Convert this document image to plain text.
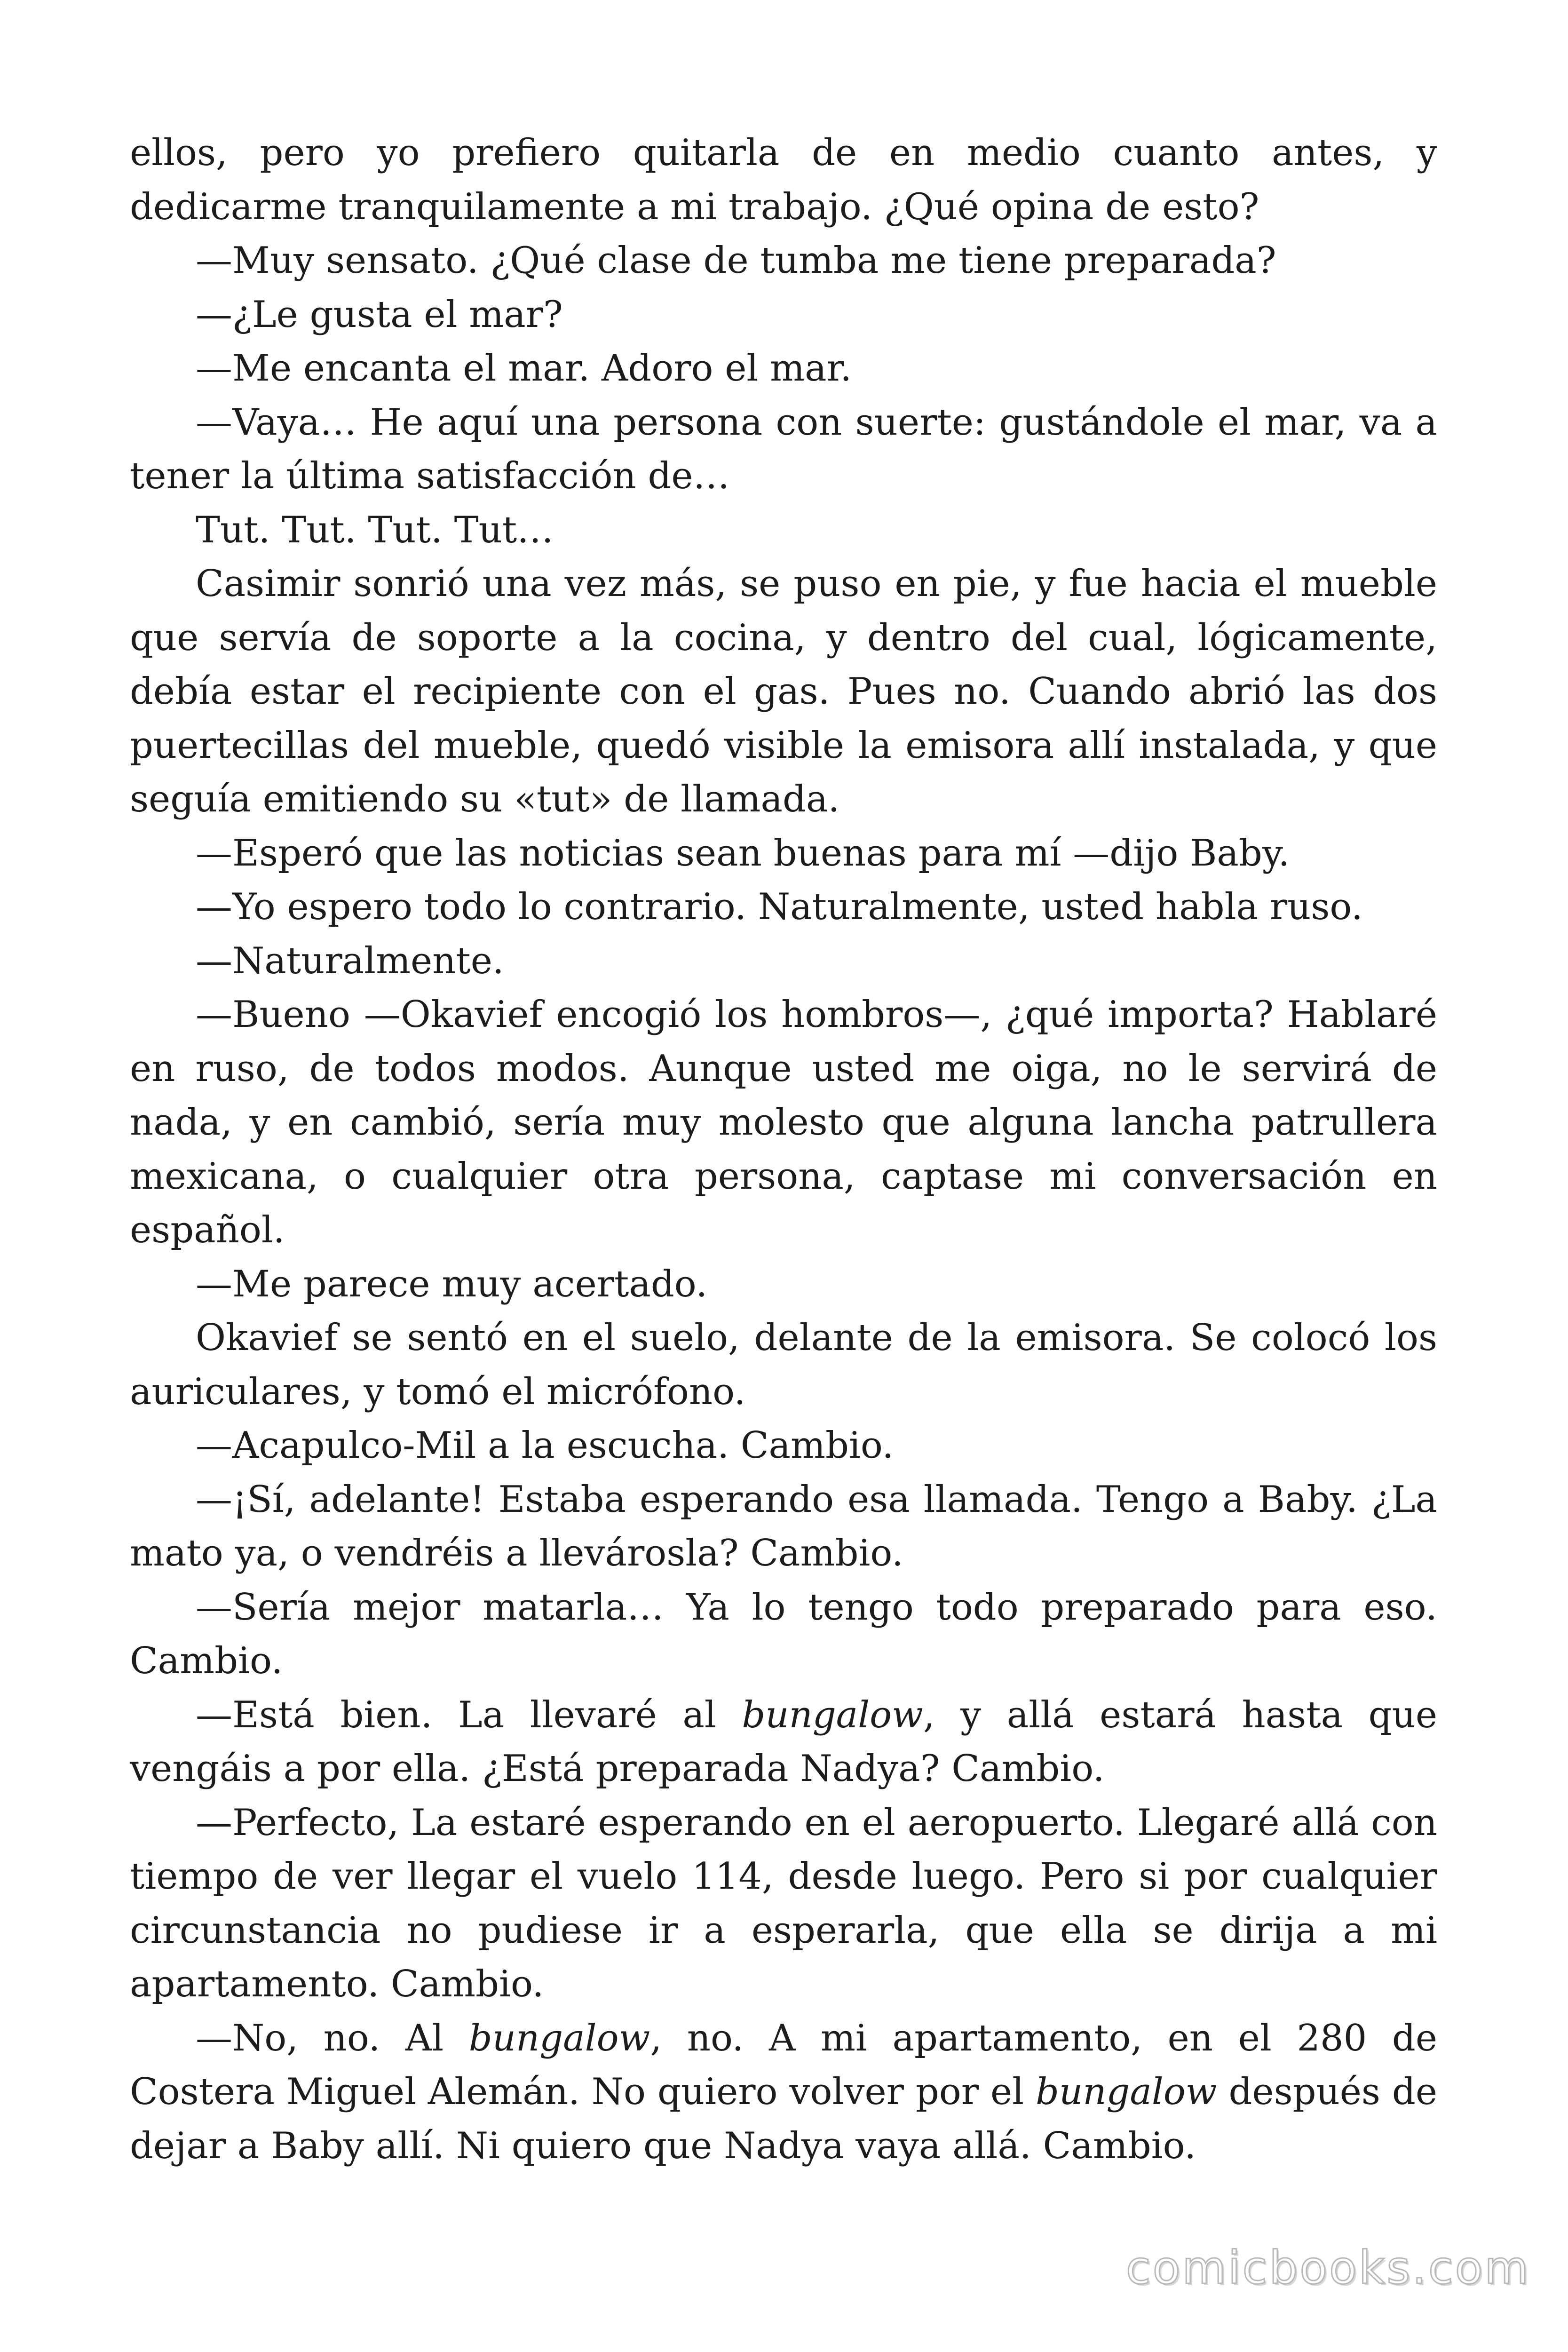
ellos, pero yo prefiero quitarla de en medio cuanto antes, y dedicarme tranquilamente a mi trabajo. ¿Qué opina de esto?

—Muy sensato. ¿Qué clase de tumba me tiene preparada?

—¿Le gusta el mar?

—Me encanta el mar. Adoro el mar.

—Vaya… He aquí una persona con suerte: gustándole el mar, va a tener la última satisfacción de…

Tut. Tut. Tut. Tut…

Casimir sonrió una vez más, se puso en pie, y fue hacia el mueble que servía de soporte a la cocina, y dentro del cual, lógicamente, debía estar el recipiente con el gas. Pues no. Cuando abrió las dos puertecillas del mueble, quedó visible la emisora allí instalada, y que seguía emitiendo su «tut» de llamada.

—Esperó que las noticias sean buenas para mí —dijo Baby.

—Yo espero todo lo contrario. Naturalmente, usted habla ruso.

—Naturalmente.

—Bueno —Okavief encogió los hombros—, ¿qué importa? Hablaré en ruso, de todos modos. Aunque usted me oiga, no le servirá de nada, y en cambió, sería muy molesto que alguna lancha patrullera mexicana, o cualquier otra persona, captase mi conversación en español.

—Me parece muy acertado.

Okavief se sentó en el suelo, delante de la emisora. Se colocó los auriculares, y tomó el micrófono.

—Acapulco-Mil a la escucha. Cambio.

—¡Sí, adelante! Estaba esperando esa llamada. Tengo a Baby. ¿La mato ya, o vendréis a llevárosla? Cambio.

—Sería mejor matarla… Ya lo tengo todo preparado para eso. Cambio.

—Está bien. La llevaré al bungalow, y allá estará hasta que vengáis a por ella. ¿Está preparada Nadya? Cambio.

—Perfecto, La estaré esperando en el aeropuerto. Llegaré allá con tiempo de ver llegar el vuelo 114, desde luego. Pero si por cualquier circunstancia no pudiese ir a esperarla, que ella se dirija a mi apartamento. Cambio.

—No, no. Al bungalow, no. A mi apartamento, en el 280 de Costera Miguel Alemán. No quiero volver por el bungalow después de dejar a Baby allí. Ni quiero que Nadya vaya allá. Cambio.

comicbooks.com
